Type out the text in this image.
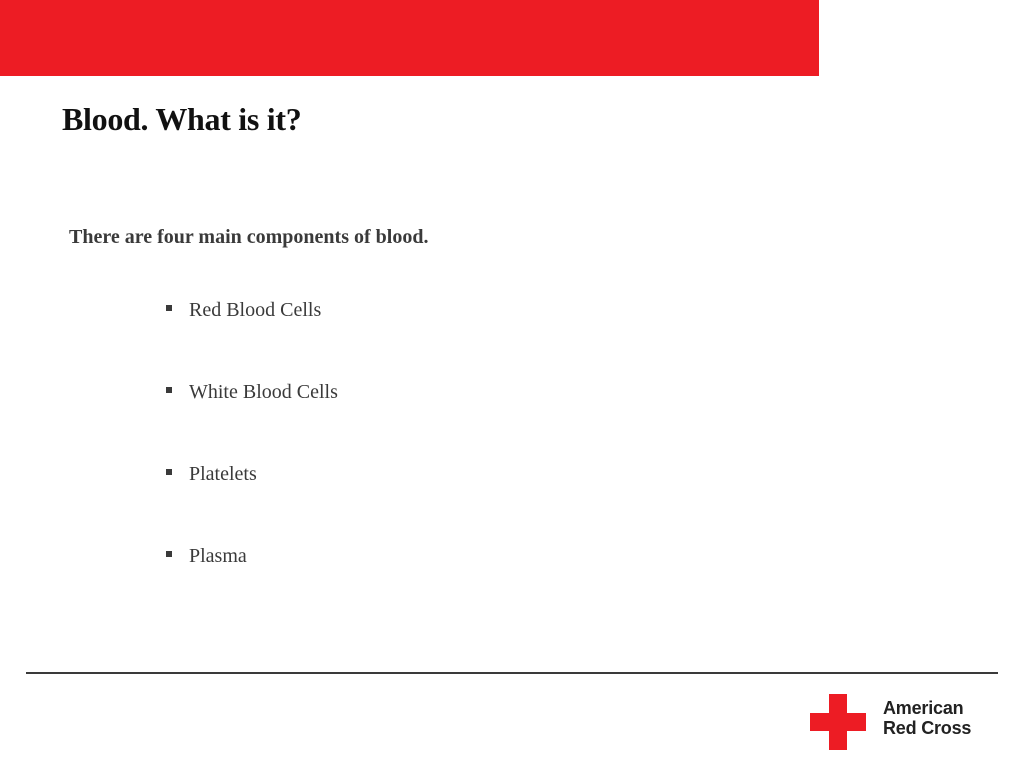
Blood. What is it?

There are four main components of blood.

Red Blood Cells
White Blood Cells
Platelets
Plasma
American
Red Cross
